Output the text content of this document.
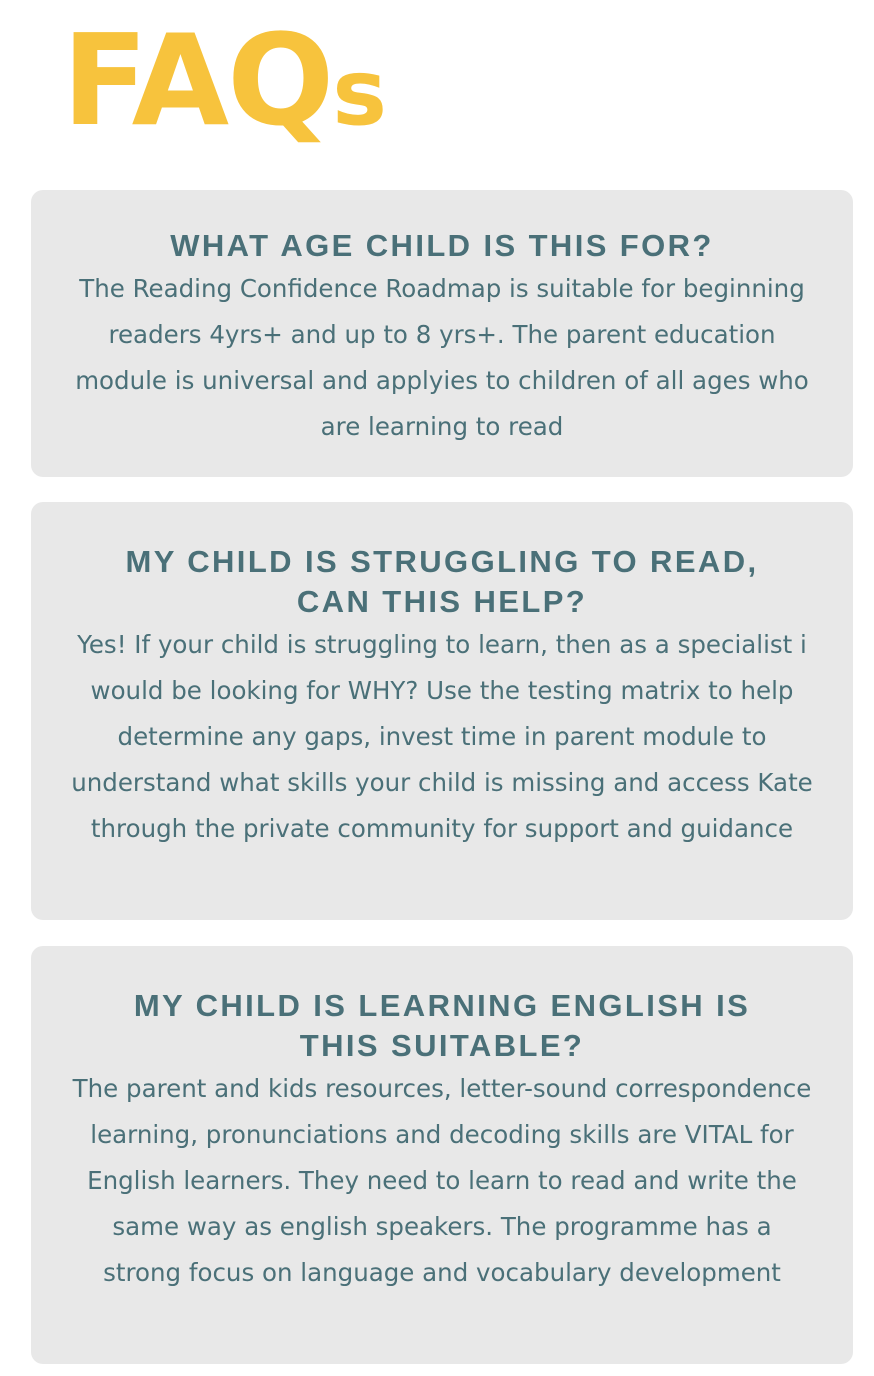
FAQs
WHAT AGE CHILD IS THIS FOR?

The Reading Confidence Roadmap is suitable for beginning readers 4yrs+ and up to 8 yrs+. The parent education module is universal and applyies to children of all ages who are learning to read

MY CHILD IS STRUGGLING TO READ,
CAN THIS HELP?

Yes! If your child is struggling to learn, then as a specialist i would be looking for WHY? Use the testing matrix to help determine any gaps, invest time in parent module to understand what skills your child is missing and access Kate through the private community for support and guidance

MY CHILD IS LEARNING ENGLISH IS
THIS SUITABLE?

The parent and kids resources, letter-sound correspondence learning, pronunciations and decoding skills are VITAL for English learners. They need to learn to read and write the same way as english speakers. The programme has a strong focus on language and vocabulary development
